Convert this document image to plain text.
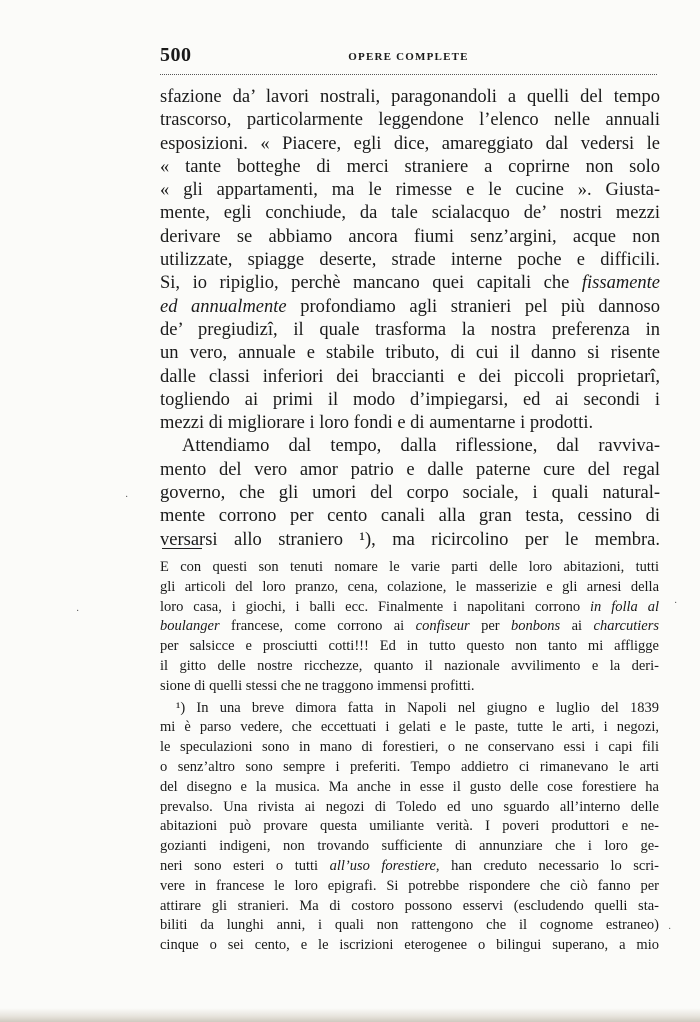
500	OPERE COMPLETE
sfazione da’ lavori nostrali, paragonandoli a quelli del tempo
trascorso, particolarmente leggendone l’elenco nelle annuali
esposizioni. « Piacere, egli dice, amareggiato dal vedersi le
« tante botteghe di merci straniere a coprirne non solo
« gli appartamenti, ma le rimesse e le cucine ». Giusta-
mente, egli conchiude, da tale scialacquo de’ nostri mezzi
derivare se abbiamo ancora fiumi senz’argini, acque non
utilizzate, spiagge deserte, strade interne poche e difficili.
Si, io ripiglio, perchè mancano quei capitali che fissamente
ed annualmente profondiamo agli stranieri pel più dannoso
de’ pregiudizî, il quale trasforma la nostra preferenza in
un vero, annuale e stabile tributo, di cui il danno si risente
dalle classi inferiori dei braccianti e dei piccoli proprietarî,
togliendo ai primi il modo d’impiegarsi, ed ai secondi i
mezzi di migliorare i loro fondi e di aumentarne i prodotti.
Attendiamo dal tempo, dalla riflessione, dal ravviva-
mento del vero amor patrio e dalle paterne cure del regal
governo, che gli umori del corpo sociale, i quali natural-
mente corrono per cento canali alla gran testa, cessino di
versarsi allo straniero ¹), ma ricircolino per le membra.
E con questi son tenuti nomare le varie parti delle loro abitazioni, tutti
gli articoli del loro pranzo, cena, colazione, le masserizie e gli arnesi della
loro casa, i giochi, i balli ecc. Finalmente i napolitani corrono in folla al
boulanger francese, come corrono ai confiseur per bonbons ai charcutiers
per salsicce e prosciutti cotti!!! Ed in tutto questo non tanto mi affligge
il gitto delle nostre ricchezze, quanto il nazionale avvilimento e la deri-
sione di quelli stessi che ne traggono immensi profitti.
¹) In una breve dimora fatta in Napoli nel giugno e luglio del 1839
mi è parso vedere, che eccettuati i gelati e le paste, tutte le arti, i negozi,
le speculazioni sono in mano di forestieri, o ne conservano essi i capi fili
o senz’altro sono sempre i preferiti. Tempo addietro ci rimanevano le arti
del disegno e la musica. Ma anche in esse il gusto delle cose forestiere ha
prevalso. Una rivista ai negozi di Toledo ed uno sguardo all’interno delle
abitazioni può provare questa umiliante verità. I poveri produttori e ne-
gozianti indigeni, non trovando sufficiente di annunziare che i loro ge-
neri sono esteri o tutti all’uso forestiere, han creduto necessario lo scri-
vere in francese le loro epigrafi. Si potrebbe rispondere che ciò fanno per
attirare gli stranieri. Ma di costoro possono esservi (escludendo quelli sta-
biliti da lunghi anni, i quali non rattengono che il cognome estraneo)
cinque o sei cento, e le iscrizioni eterogenee o bilingui superano, a mio
·
·
·
·
